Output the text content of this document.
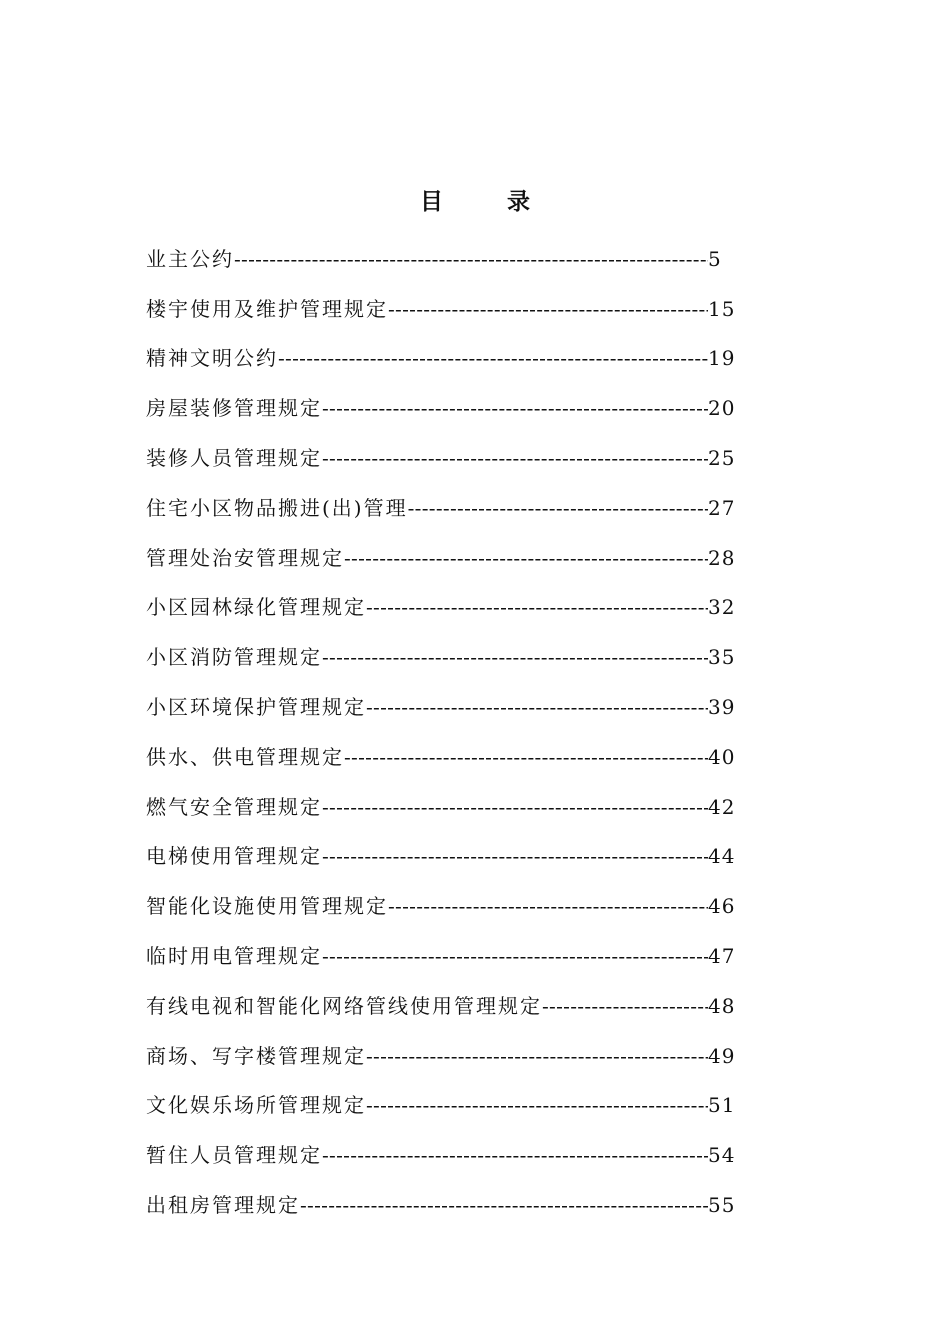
目录
业主公约 -----	5
楼宇使用及维护管理规定 -----	15
精神文明公约 -----	19
房屋装修管理规定 -----	20
装修人员管理规定 -----	25
住宅小区物品搬进(出)管理 -----	27
管理处治安管理规定 -----	28
小区园林绿化管理规定 -----	32
小区消防管理规定 -----	35
小区环境保护管理规定 -----	39
供水、供电管理规定 -----	40
燃气安全管理规定 -----	42
电梯使用管理规定 -----	44
智能化设施使用管理规定 -----	46
临时用电管理规定 -----	47
有线电视和智能化网络管线使用管理规定 -----	48
商场、写字楼管理规定 -----	49
文化娱乐场所管理规定 -----	51
暂住人员管理规定 -----	54
出租房管理规定 -----	55
